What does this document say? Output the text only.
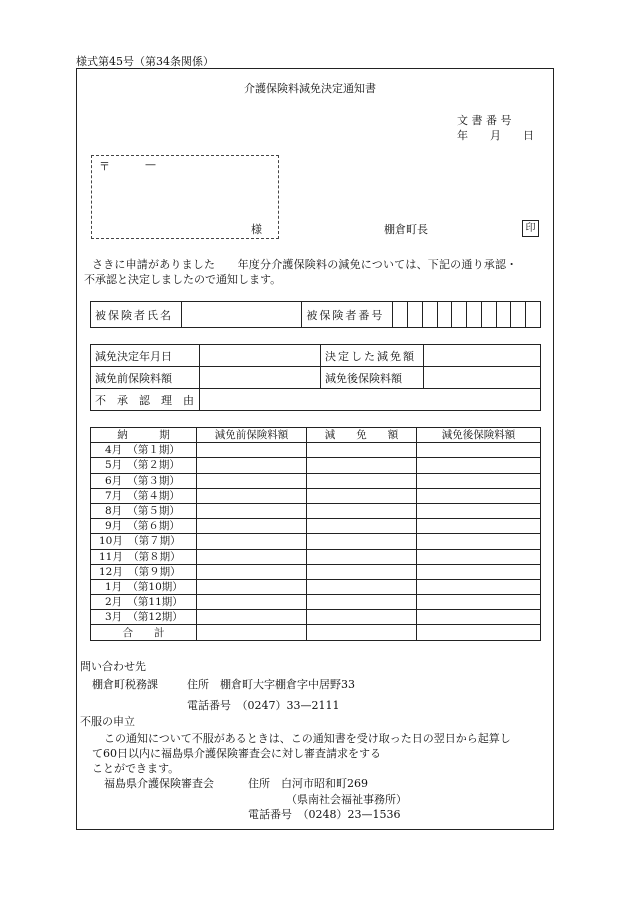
様式第45号（第34条関係）
介護保険料減免決定通知書
文 書 番 号
年　　月　　日
〒	—
様	棚倉町長	印
さきに申請がありました　　年度分介護保険料の減免については、下記の通り承認・
不承認と決定しましたので通知します。
被保険者氏名		被保険者番号										
減免決定年月日		決定した減免額	
減免前保険料額		減免後保険料額	
不　承　認　理　由			
納　　　期	減免前保険料額	減　　免　　額	減免後保険料額
4月　（第１期）			
5月　（第２期）			
6月　（第３期）			
7月　（第４期）			
8月　（第５期）			
9月　（第６期）			
10月　（第７期）			
11月　（第８期）			
12月　（第９期）			
1月　（第10期）			
2月　（第11期）			
3月　（第12期）			
合　　計			
問い合わせ先
棚倉町税務課	住所　棚倉町大字棚倉字中居野33
電話番号　（0247）33—2111
不服の申立
この通知について不服があるときは、この通知書を受け取った日の翌日から起算し
て60日以内に福島県介護保険審査会に対し審査請求をする
ことができます。
福島県介護保険審査会	住所　白河市昭和町269
（県南社会福祉事務所）
電話番号　（0248）23—1536
